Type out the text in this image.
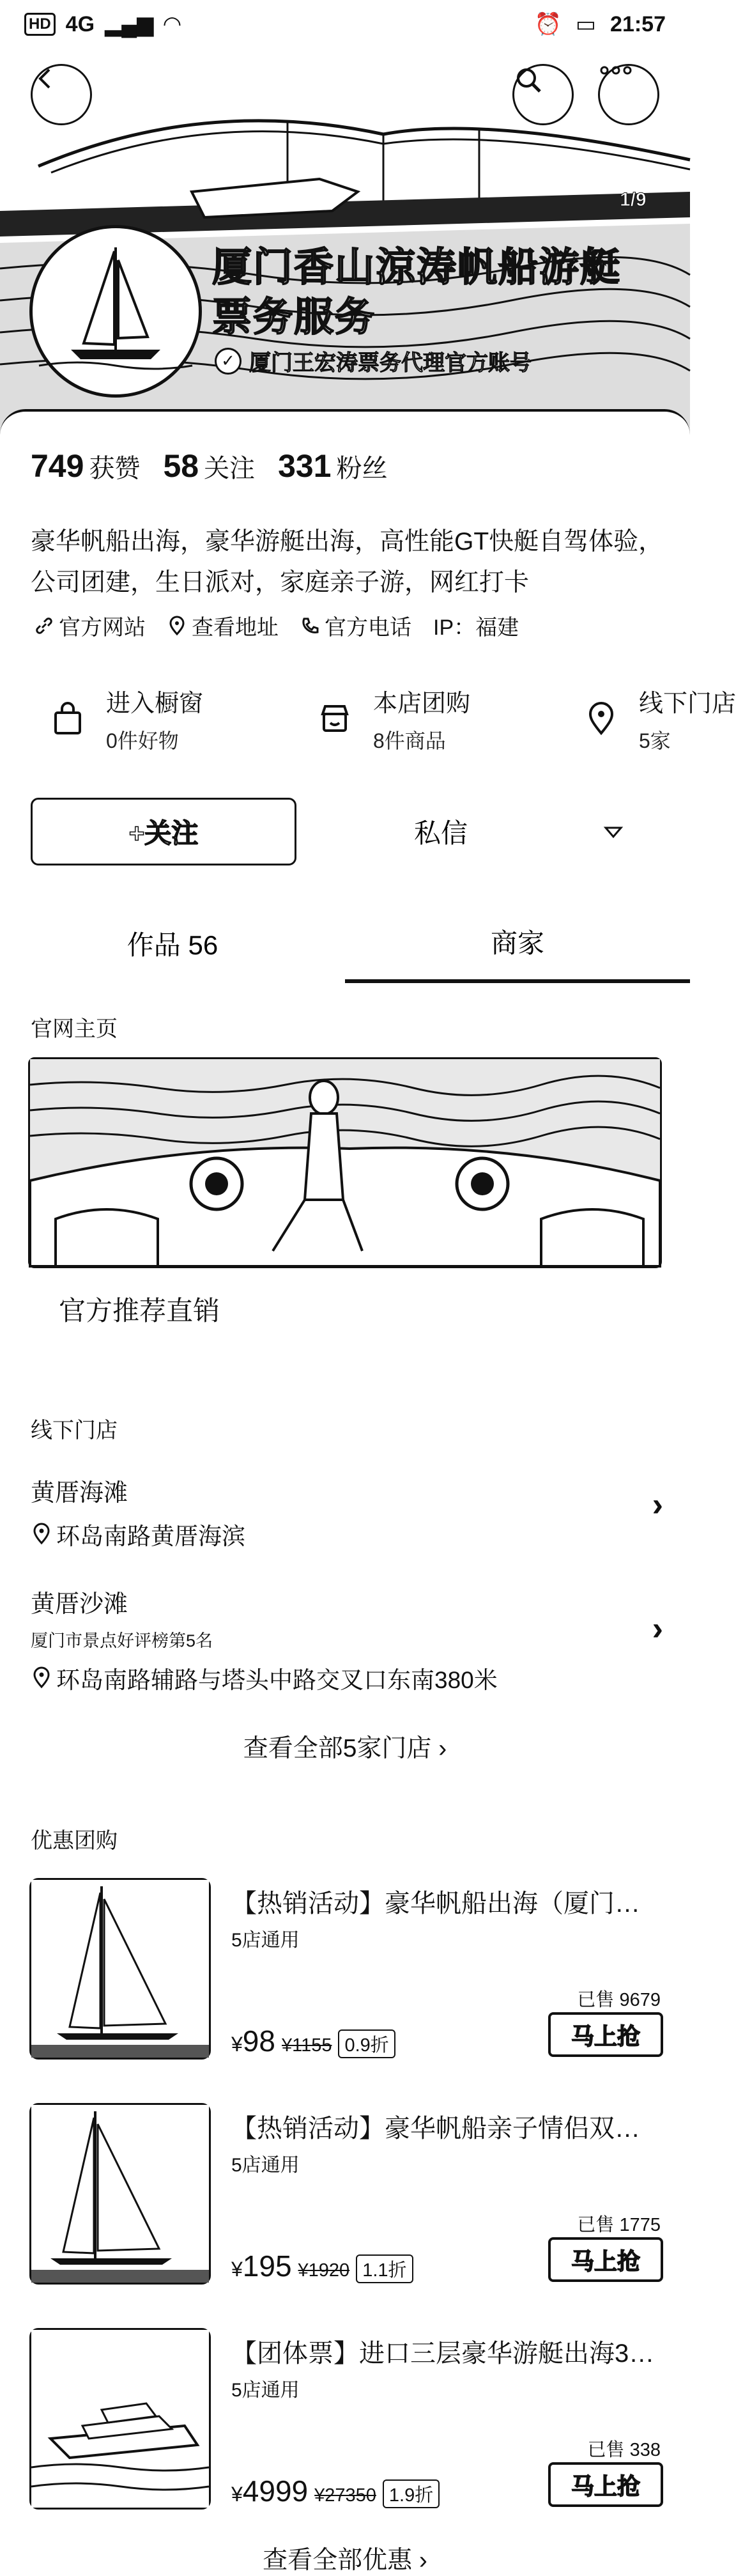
HD 4G ▂▄▆ ◠	⏰ ▭ 21:57
1/9
厦门香山涼涛帆船游艇
票务服务
✓ 厦门王宏涛票务代理官方账号
749 获赞 58 关注 331 粉丝
豪华帆船出海，豪华游艇出海，高性能GT快艇自驾体验，公司团建，生日派对，家庭亲子游，网红打卡
官方网站 查看地址 官方电话 IP：福建
进入橱窗
0件好物
本店团购
8件商品
线下门店
5家
+关注	私信
作品 56	商家
官网主页
官方推荐直销
线下门店
黄厝海滩
环岛南路黄厝海滨
›
黄厝沙滩
厦门市景点好评榜第5名
环岛南路辅路与塔头中路交叉口东南380米
›
查看全部5家门店 ›
优惠团购
【热销活动】豪华帆船出海（厦门…
5店通用
已售 9679
¥98 ¥1155 0.9折	马上抢
【热销活动】豪华帆船亲子情侣双…
5店通用
已售 1775
¥195 ¥1920 1.1折	马上抢
【团体票】进口三层豪华游艇出海3…
5店通用
已售 338
¥4999 ¥27350 1.9折	马上抢
查看全部优惠 ›
